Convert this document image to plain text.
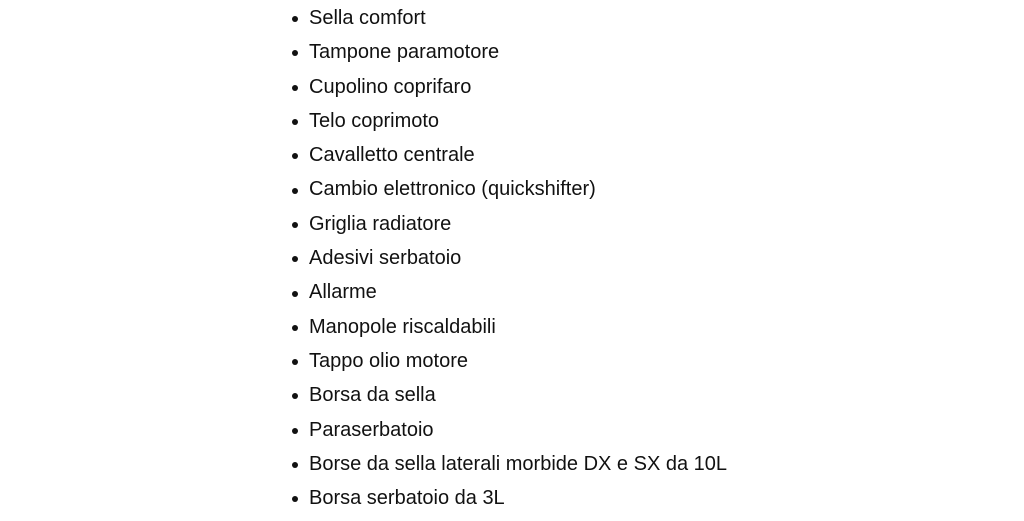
Sella comfort
Tampone paramotore
Cupolino coprifaro
Telo coprimoto
Cavalletto centrale
Cambio elettronico (quickshifter)
Griglia radiatore
Adesivi serbatoio
Allarme
Manopole riscaldabili
Tappo olio motore
Borsa da sella
Paraserbatoio
Borse da sella laterali morbide DX e SX da 10L
Borsa serbatoio da 3L
